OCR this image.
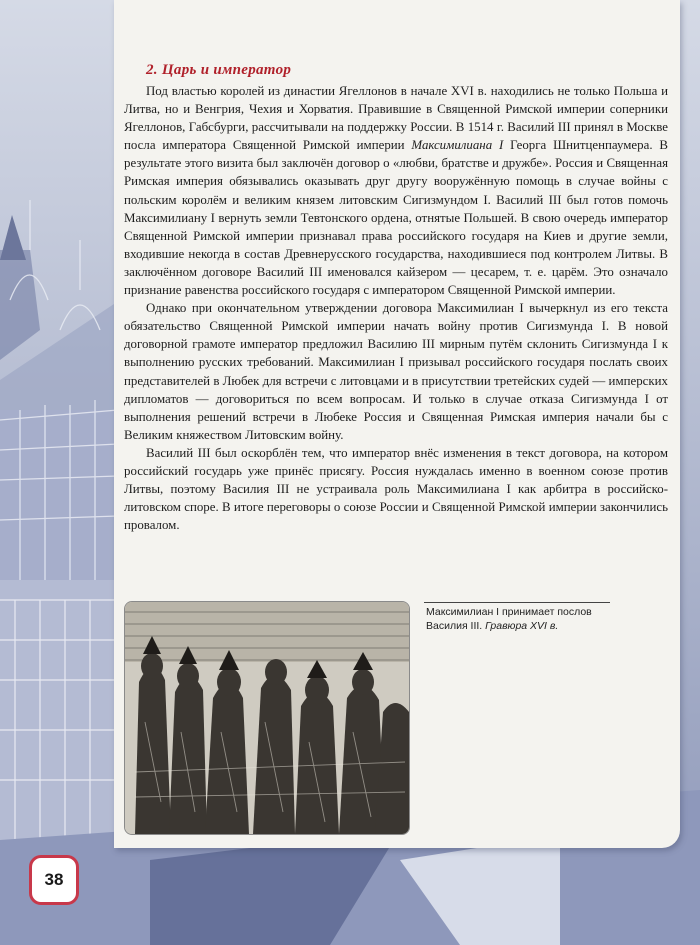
2. Царь и император

Под властью королей из династии Ягеллонов в начале XVI в. находились не только Польша и Литва, но и Венгрия, Чехия и Хорватия. Правившие в Священной Римской империи соперники Ягеллонов, Габсбурги, рассчитывали на поддержку России. В 1514 г. Василий III принял в Москве посла императора Священной Римской империи Максимилиана I Георга Шнитценпаумера. В результате этого визита был заключён договор о «любви, братстве и дружбе». Россия и Священная Римская империя обязывались оказывать друг другу вооружённую помощь в случае войны с польским королём и великим князем литовским Сигизмундом I. Василий III был готов помочь Максимилиану I вернуть земли Тевтонского ордена, отнятые Польшей. В свою очередь император Священной Римской империи признавал права российского государя на Киев и другие земли, входившие некогда в состав Древнерусского государства, находившиеся под контролем Литвы. В заключённом договоре Василий III именовался кайзером — цесарем, т. е. царём. Это означало признание равенства российского государя с императором Священной Римской империи.

Однако при окончательном утверждении договора Максимилиан I вычеркнул из его текста обязательство Священной Римской империи начать войну против Сигизмунда I. В новой договорной грамоте император предложил Василию III мирным путём склонить Сигизмунда I к выполнению русских требований. Максимилиан I призывал российского государя послать своих представителей в Любек для встречи с литовцами и в присутствии третейских судей — имперских дипломатов — договориться по всем вопросам. И только в случае отказа Сигизмунда I от выполнения решений встречи в Любеке Россия и Священная Римская империя начали бы с Великим княжеством Литовским войну.

Василий III был оскорблён тем, что император внёс изменения в текст договора, на котором российский государь уже принёс присягу. Россия нуждалась именно в военном союзе против Литвы, поэтому Василия III не устраивала роль Максимилиана I как арбитра в российско-литовском споре. В итоге переговоры о союзе России и Священной Римской империи закончились провалом.

Максимилиан I принимает послов
Василия III. Гравюра XVI в.
38
